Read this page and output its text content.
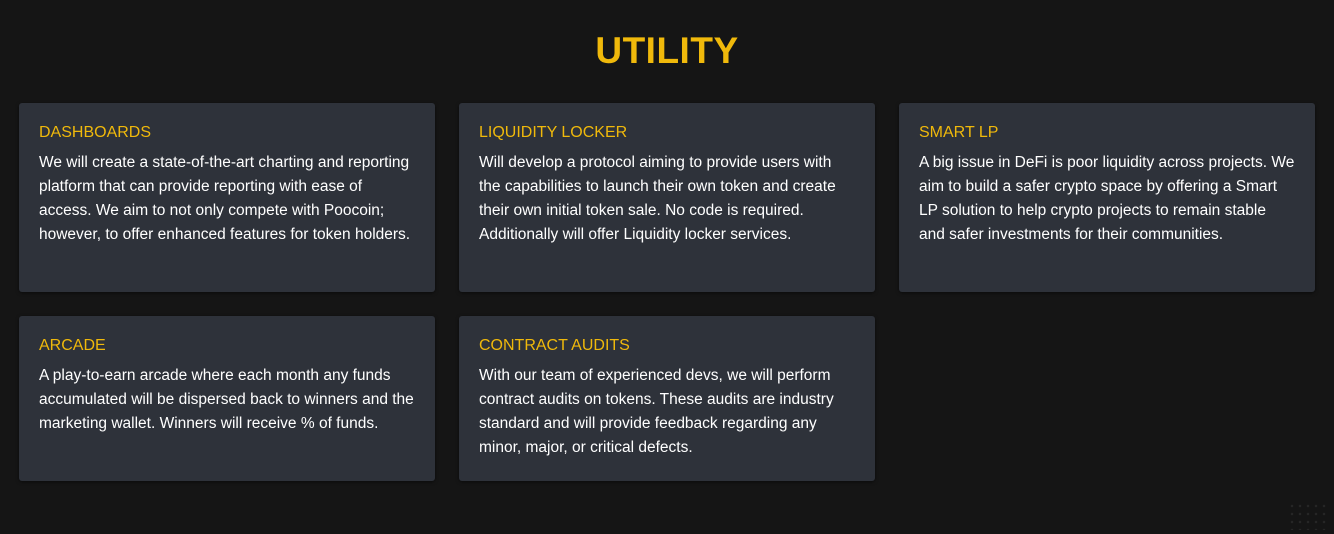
UTILITY
DASHBOARDS

We will create a state-of-the-art charting and reporting platform that can provide reporting with ease of access. We aim to not only compete with Poocoin; however, to offer enhanced features for token holders.

LIQUIDITY LOCKER

Will develop a protocol aiming to provide users with the capabilities to launch their own token and create their own initial token sale. No code is required. Additionally will offer Liquidity locker services.

SMART LP

A big issue in DeFi is poor liquidity across projects. We aim to build a safer crypto space by offering a Smart LP solution to help crypto projects to remain stable and safer investments for their communities.

ARCADE

A play-to-earn arcade where each month any funds accumulated will be dispersed back to winners and the marketing wallet. Winners will receive % of funds.

CONTRACT AUDITS

With our team of experienced devs, we will perform contract audits on tokens. These audits are industry standard and will provide feedback regarding any minor, major, or critical defects.
